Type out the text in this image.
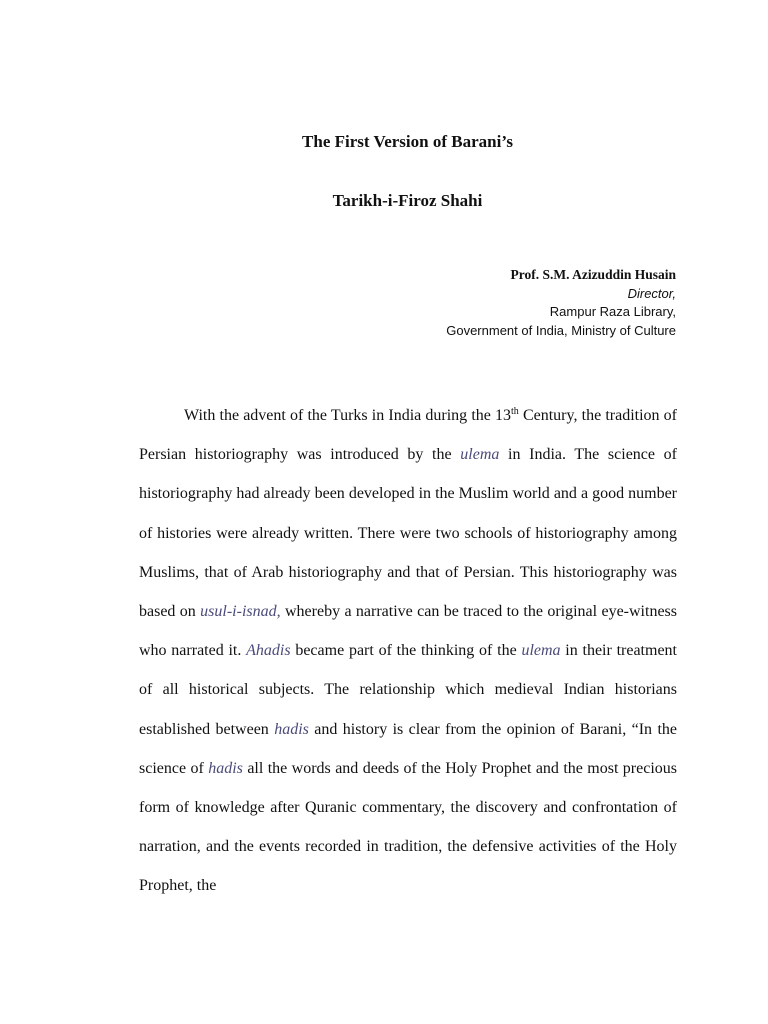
The First Version of Barani’s
Tarikh-i-Firoz Shahi
Prof. S.M. Azizuddin Husain
Director,
Rampur Raza Library,
Government of India, Ministry of Culture

With the advent of the Turks in India during the 13th Century, the tradition of Persian historiography was introduced by the ulema in India. The science of historiography had already been developed in the Muslim world and a good number of histories were already written. There were two schools of historiography among Muslims, that of Arab historiography and that of Persian. This historiography was based on usul-i-isnad, whereby a narrative can be traced to the original eye-witness who narrated it. Ahadis became part of the thinking of the ulema in their treatment of all historical subjects. The relationship which medieval Indian historians established between hadis and history is clear from the opinion of Barani, “In the science of hadis all the words and deeds of the Holy Prophet and the most precious form of knowledge after Quranic commentary, the discovery and confrontation of narration, and the events recorded in tradition, the defensive activities of the Holy Prophet, the
